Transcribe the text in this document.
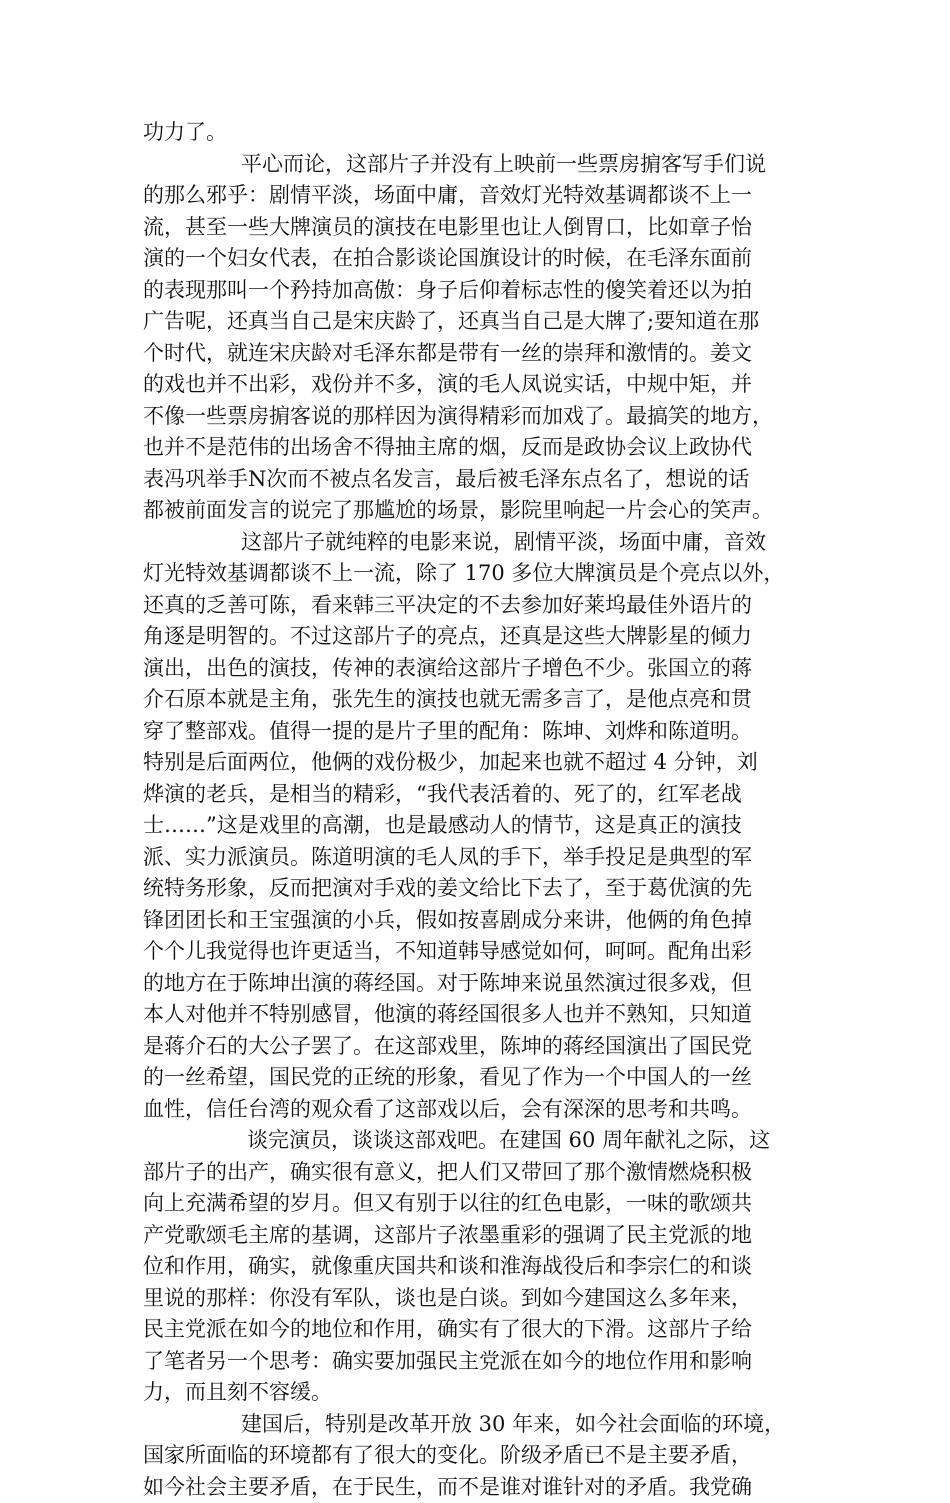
功力了。
平心而论，这部片子并没有上映前一些票房掮客写手们说
的那么邪乎：剧情平淡，场面中庸，音效灯光特效基调都谈不上一
流，甚至一些大牌演员的演技在电影里也让人倒胃口，比如章子怡
演的一个妇女代表，在拍合影谈论国旗设计的时候，在毛泽东面前
的表现那叫一个矜持加高傲：身子后仰着标志性的傻笑着还以为拍
广告呢，还真当自己是宋庆龄了，还真当自己是大牌了;要知道在那
个时代，就连宋庆龄对毛泽东都是带有一丝的崇拜和激情的。姜文
的戏也并不出彩，戏份并不多，演的毛人凤说实话，中规中矩，并
不像一些票房掮客说的那样因为演得精彩而加戏了。最搞笑的地方，
也并不是范伟的出场舍不得抽主席的烟，反而是政协会议上政协代
表冯巩举手N次而不被点名发言，最后被毛泽东点名了，想说的话
都被前面发言的说完了那尴尬的场景，影院里响起一片会心的笑声。
这部片子就纯粹的电影来说，剧情平淡，场面中庸，音效
灯光特效基调都谈不上一流，除了 170 多位大牌演员是个亮点以外，
还真的乏善可陈，看来韩三平决定的不去参加好莱坞最佳外语片的
角逐是明智的。不过这部片子的亮点，还真是这些大牌影星的倾力
演出，出色的演技，传神的表演给这部片子增色不少。张国立的蒋
介石原本就是主角，张先生的演技也就无需多言了，是他点亮和贯
穿了整部戏。值得一提的是片子里的配角：陈坤、刘烨和陈道明。
特别是后面两位，他俩的戏份极少，加起来也就不超过 4 分钟，刘
烨演的老兵，是相当的精彩，“我代表活着的、死了的，红军老战
士……”这是戏里的高潮，也是最感动人的情节，这是真正的演技
派、实力派演员。陈道明演的毛人凤的手下，举手投足是典型的军
统特务形象，反而把演对手戏的姜文给比下去了，至于葛优演的先
锋团团长和王宝强演的小兵，假如按喜剧成分来讲，他俩的角色掉
个个儿我觉得也许更适当，不知道韩导感觉如何，呵呵。配角出彩
的地方在于陈坤出演的蒋经国。对于陈坤来说虽然演过很多戏，但
本人对他并不特别感冒，他演的蒋经国很多人也并不熟知，只知道
是蒋介石的大公子罢了。在这部戏里，陈坤的蒋经国演出了国民党
的一丝希望，国民党的正统的形象，看见了作为一个中国人的一丝
血性，信任台湾的观众看了这部戏以后，会有深深的思考和共鸣。
谈完演员，谈谈这部戏吧。在建国 60 周年献礼之际，这
部片子的出产，确实很有意义，把人们又带回了那个激情燃烧积极
向上充满希望的岁月。但又有别于以往的红色电影，一味的歌颂共
产党歌颂毛主席的基调，这部片子浓墨重彩的强调了民主党派的地
位和作用，确实，就像重庆国共和谈和淮海战役后和李宗仁的和谈
里说的那样：你没有军队，谈也是白谈。到如今建国这么多年来，
民主党派在如今的地位和作用，确实有了很大的下滑。这部片子给
了笔者另一个思考：确实要加强民主党派在如今的地位作用和影响
力，而且刻不容缓。
建国后，特别是改革开放 30 年来，如今社会面临的环境，
国家所面临的环境都有了很大的变化。阶级矛盾已不是主要矛盾，
如今社会主要矛盾，在于民生，而不是谁对谁针对的矛盾。我党确
